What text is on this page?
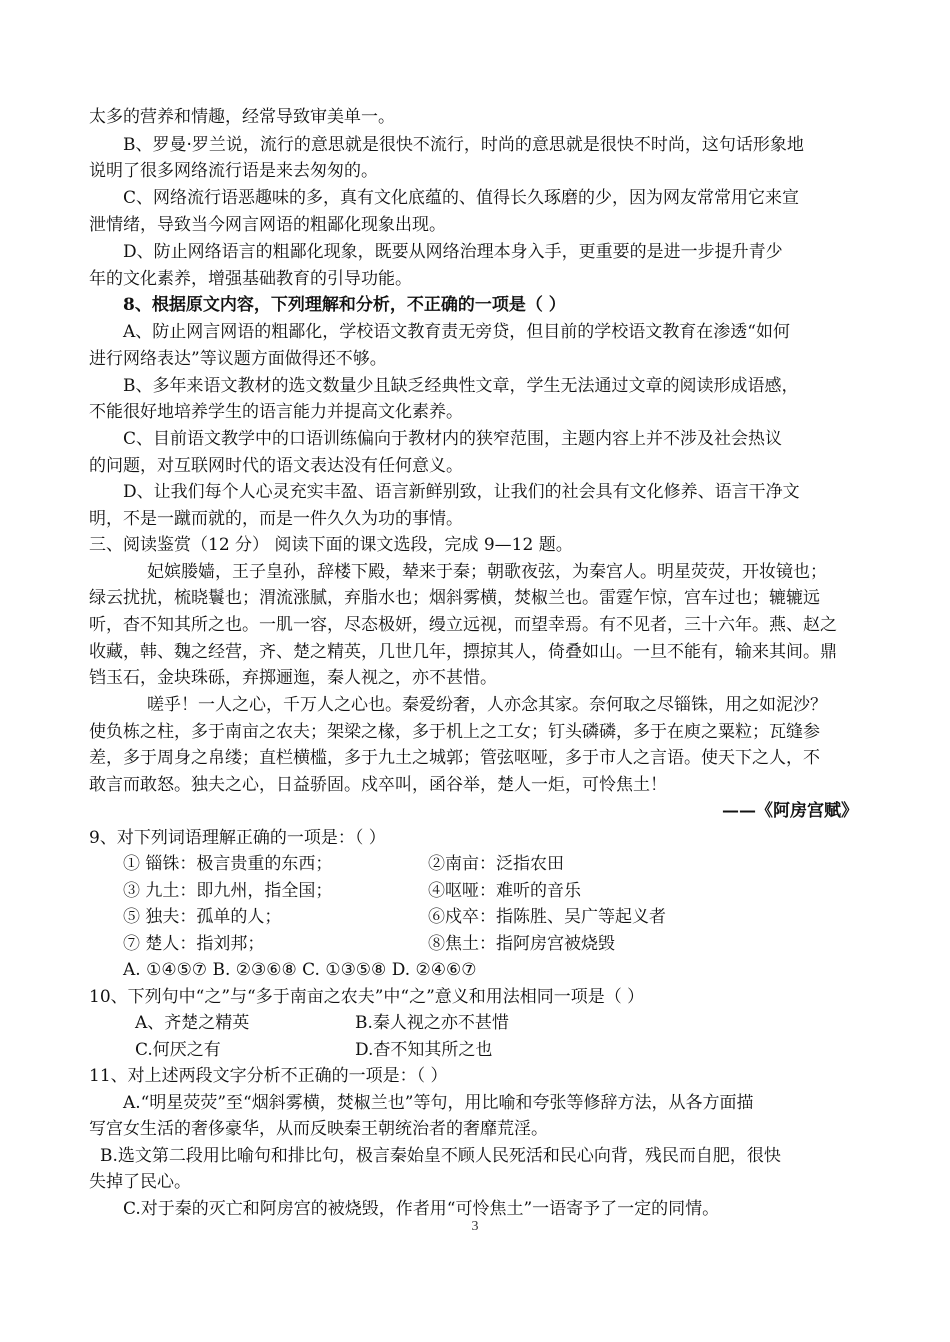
太多的营养和情趣，经常导致审美单一。
B、罗曼·罗兰说，流行的意思就是很快不流行，时尚的意思就是很快不时尚，这句话形象地
说明了很多网络流行语是来去匆匆的。
C、网络流行语恶趣味的多，真有文化底蕴的、值得长久琢磨的少，因为网友常常用它来宣
泄情绪，导致当今网言网语的粗鄙化现象出现。
D、防止网络语言的粗鄙化现象，既要从网络治理本身入手，更重要的是进一步提升青少
年的文化素养，增强基础教育的引导功能。
8、根据原文内容，下列理解和分析，不正确的一项是（ ）
A、防止网言网语的粗鄙化，学校语文教育责无旁贷，但目前的学校语文教育在渗透“如何
进行网络表达”等议题方面做得还不够。
B、多年来语文教材的选文数量少且缺乏经典性文章，学生无法通过文章的阅读形成语感，
不能很好地培养学生的语言能力并提高文化素养。
C、目前语文教学中的口语训练偏向于教材内的狭窄范围，主题内容上并不涉及社会热议
的问题，对互联网时代的语文表达没有任何意义。
D、让我们每个人心灵充实丰盈、语言新鲜别致，让我们的社会具有文化修养、语言干净文
明，不是一蹴而就的，而是一件久久为功的事情。
三、阅读鉴赏（12 分） 阅读下面的课文选段，完成 9—12 题。
妃嫔媵嫱，王子皇孙，辞楼下殿，辇来于秦；朝歌夜弦，为秦宫人。明星荧荧，开妆镜也；
绿云扰扰，梳晓鬟也；渭流涨腻，弃脂水也；烟斜雾横，焚椒兰也。雷霆乍惊，宫车过也；辘辘远
听，杳不知其所之也。一肌一容，尽态极妍，缦立远视，而望幸焉。有不见者，三十六年。燕、赵之
收藏，韩、魏之经营，齐、楚之精英，几世几年，摽掠其人，倚叠如山。一旦不能有，输来其间。鼎
铛玉石，金块珠砾，弃掷逦迤，秦人视之，亦不甚惜。
嗟乎！一人之心，千万人之心也。秦爱纷奢，人亦念其家。奈何取之尽锱铢，用之如泥沙？
使负栋之柱，多于南亩之农夫；架梁之椽，多于机上之工女；钉头磷磷，多于在庾之粟粒；瓦缝参
差，多于周身之帛缕；直栏横槛，多于九土之城郭；管弦呕哑，多于市人之言语。使天下之人，不
敢言而敢怒。独夫之心，日益骄固。戍卒叫，函谷举，楚人一炬，可怜焦土！
——《阿房宫赋》
9、对下列词语理解正确的一项是：（ ）
① 锱铢：极言贵重的东西；	②南亩：泛指农田
③ 九土：即九州，指全国；	④呕哑：难听的音乐
⑤ 独夫：孤单的人；	⑥戍卒：指陈胜、吴广等起义者
⑦ 楚人：指刘邦；	⑧焦土：指阿房宫被烧毁
A. ①④⑤⑦ B. ②③⑥⑧ C. ①③⑤⑧ D. ②④⑥⑦
10、下列句中“之”与“多于南亩之农夫”中“之”意义和用法相同一项是（ ）
A、齐楚之精英	B.秦人视之亦不甚惜
C.何厌之有	D.杳不知其所之也
11、对上述两段文字分析不正确的一项是：（ ）
A.“明星荧荧”至“烟斜雾横，焚椒兰也”等句，用比喻和夸张等修辞方法，从各方面描
写宫女生活的奢侈豪华，从而反映秦王朝统治者的奢靡荒淫。
B.选文第二段用比喻句和排比句，极言秦始皇不顾人民死活和民心向背，残民而自肥，很快
失掉了民心。
C.对于秦的灭亡和阿房宫的被烧毁，作者用“可怜焦土”一语寄予了一定的同情。
3
